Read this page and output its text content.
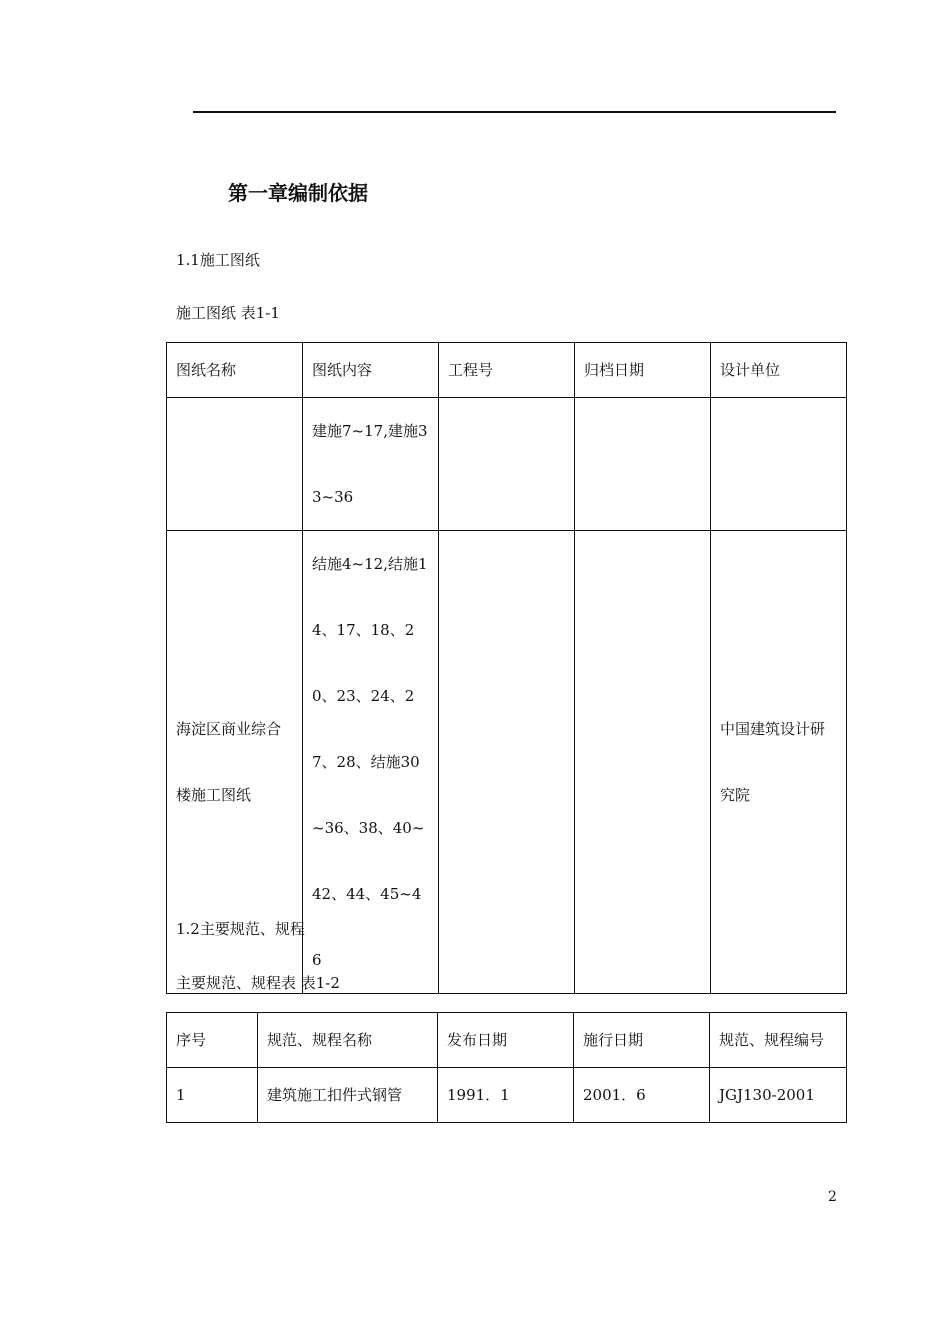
第一章编制依据

1.1施工图纸

施工图纸 表1-1

图纸名称	图纸内容	工程号	归档日期	设计单位
	建施7~17,建施33~36			
海淀区商业综合楼施工图纸	结施4~12,结施14、17、18、20、23、24、27、28、结施30~36、38、40~42、44、45~46			中国建筑设计研究院

1.2主要规范、规程

主要规范、规程表 表1-2

序号	规范、规程名称	发布日期	施行日期	规范、规程编号
1	建筑施工扣件式钢管	1991．1	2001．6	JGJ130-2001

2
